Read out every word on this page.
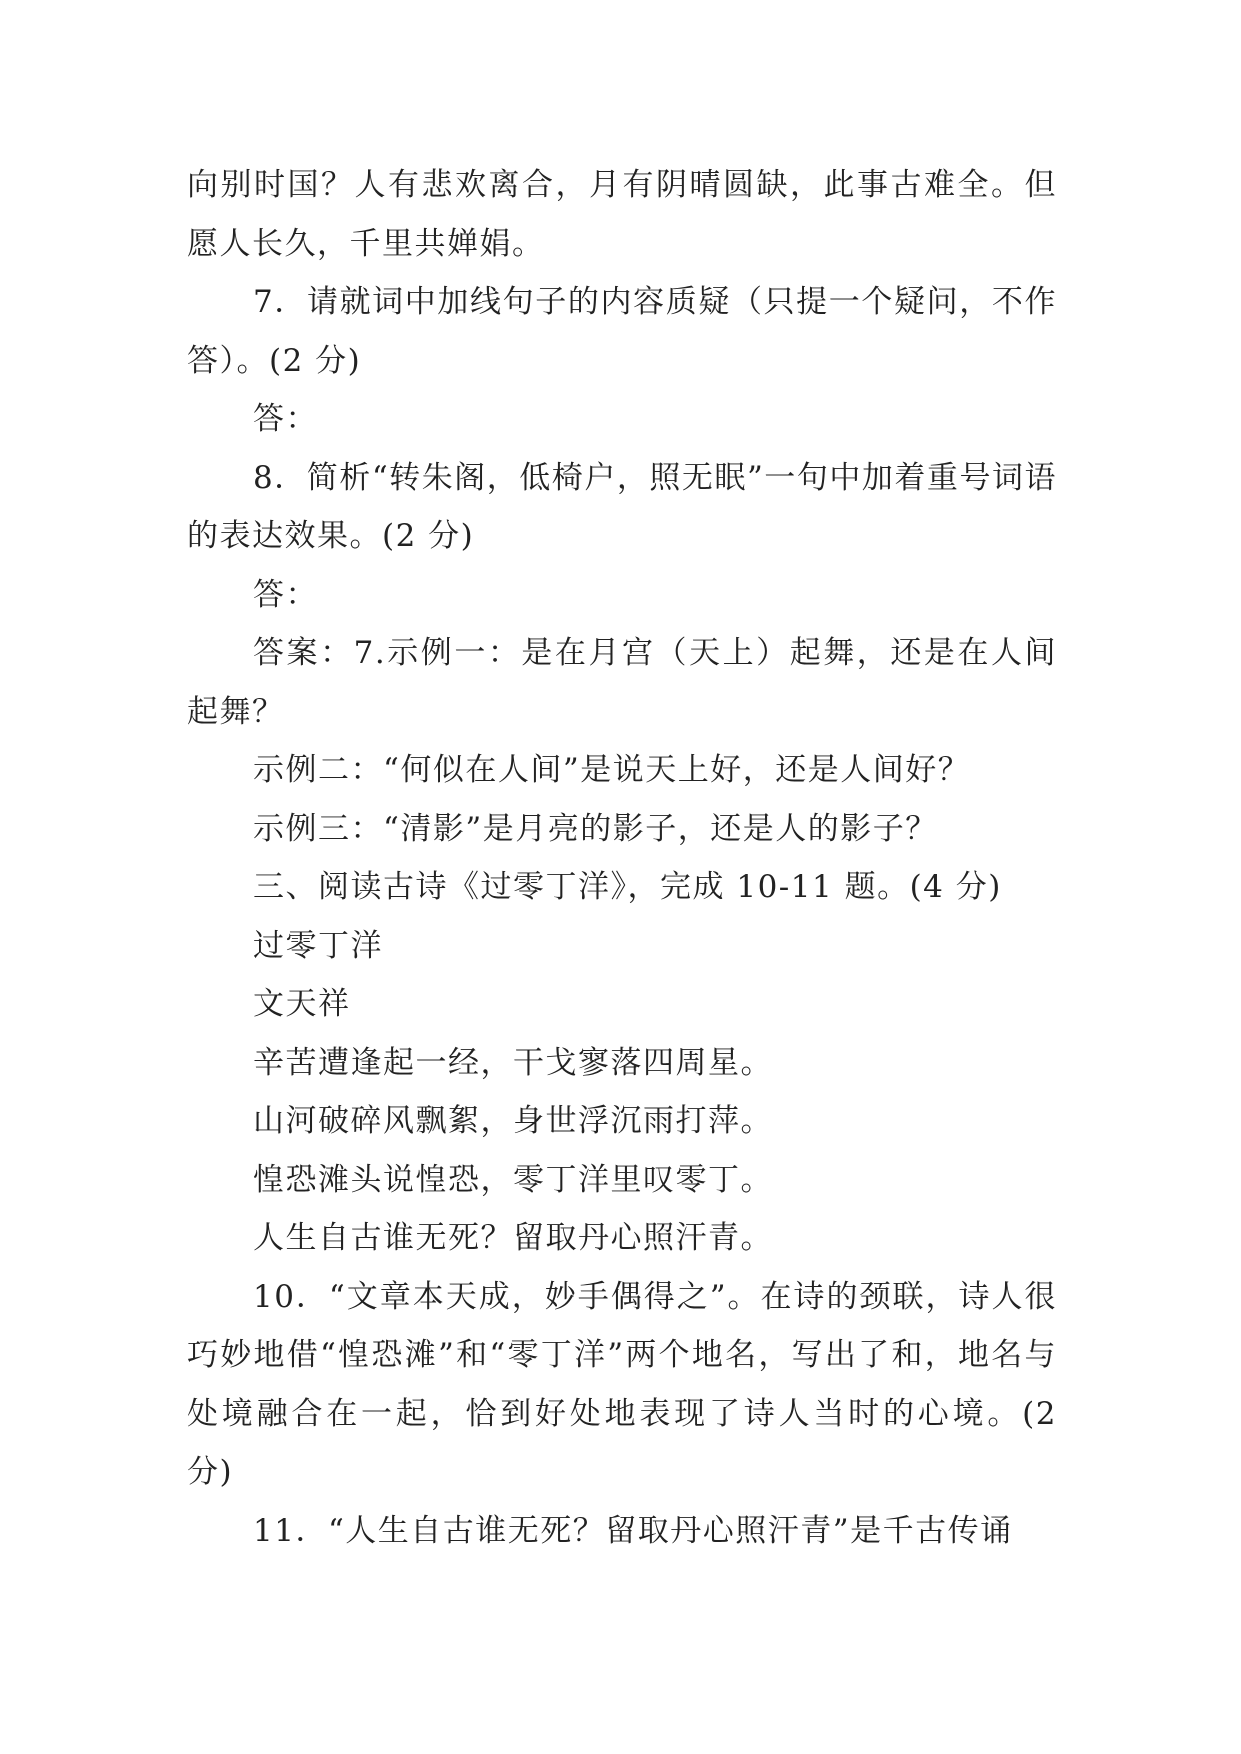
向别时国？人有悲欢离合，月有阴晴圆缺，此事古难全。但愿人长久，千里共婵娟。

7．请就词中加线句子的内容质疑（只提一个疑问，不作答）。(2 分)

答：

8．简析“转朱阁，低椅户，照无眠”一句中加着重号词语的表达效果。(2 分)

答：

答案：7.示例一：是在月宫（天上）起舞，还是在人间起舞？

示例二：“何似在人间”是说天上好，还是人间好？

示例三：“清影”是月亮的影子，还是人的影子？

三、阅读古诗《过零丁洋》，完成 10-11 题。(4 分)

过零丁洋

文天祥

辛苦遭逢起一经，干戈寥落四周星。

山河破碎风飘絮，身世浮沉雨打萍。

惶恐滩头说惶恐，零丁洋里叹零丁。

人生自古谁无死？留取丹心照汗青。

10．“文章本天成，妙手偶得之”。在诗的颈联，诗人很巧妙地借“惶恐滩”和“零丁洋”两个地名，写出了和，地名与处境融合在一起，恰到好处地表现了诗人当时的心境。(2 分)

11．“人生自古谁无死？留取丹心照汗青”是千古传诵
